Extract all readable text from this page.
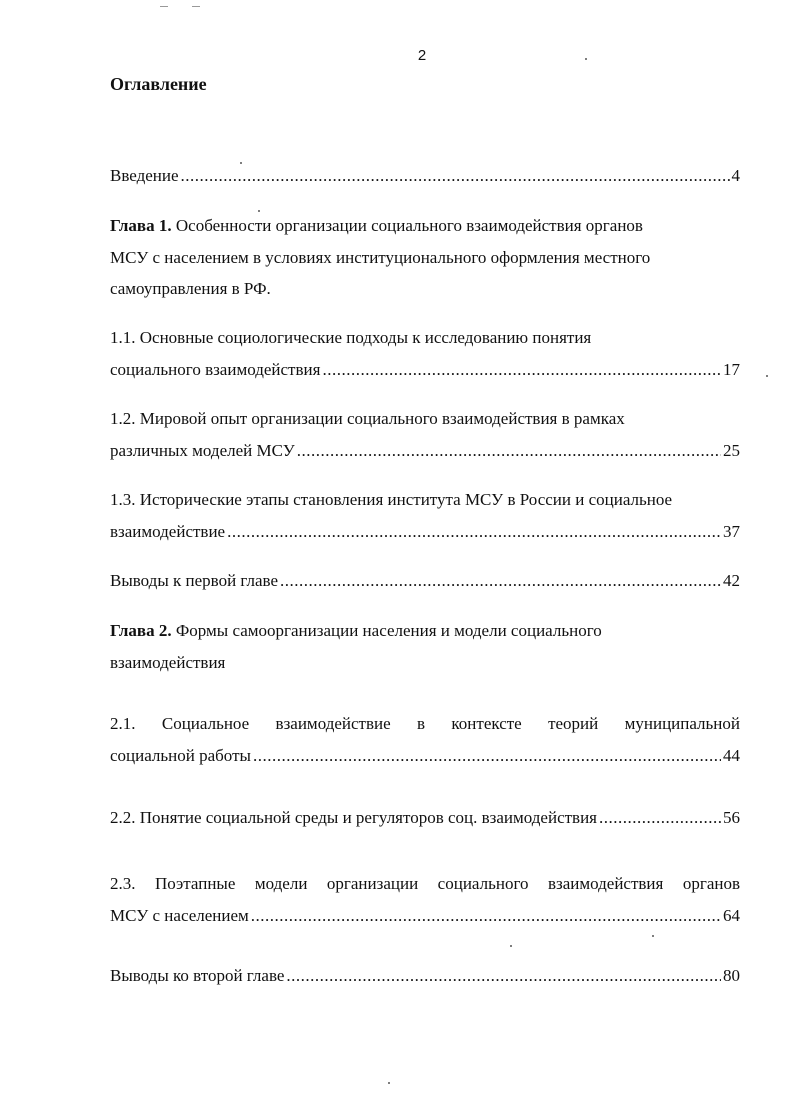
2
Оглавление
Введение .....	4
Глава 1.
Особенности организации социального взаимодействия органов
МСУ с населением в условиях институционального оформления местного
самоуправления в РФ.
1.1. Основные социологические подходы к исследованию понятия
социального взаимодействия .....	17
1.2. Мировой опыт организации социального взаимодействия в рамках
различных моделей МСУ .....	25
1.3. Исторические этапы становления института МСУ в России и социальное
взаимодействие .....	37
Выводы к первой главе .....	42
Глава 2.
Формы самоорганизации населения и модели социального
взаимодействия
2.1. Социальное взаимодействие в контексте теорий муниципальной
социальной работы .....	44
2.2. Понятие социальной среды и регуляторов соц. взаимодействия .....	56
2.3. Поэтапные модели организации социального взаимодействия органов
МСУ с населением .....	64
Выводы ко второй главе .....	80
